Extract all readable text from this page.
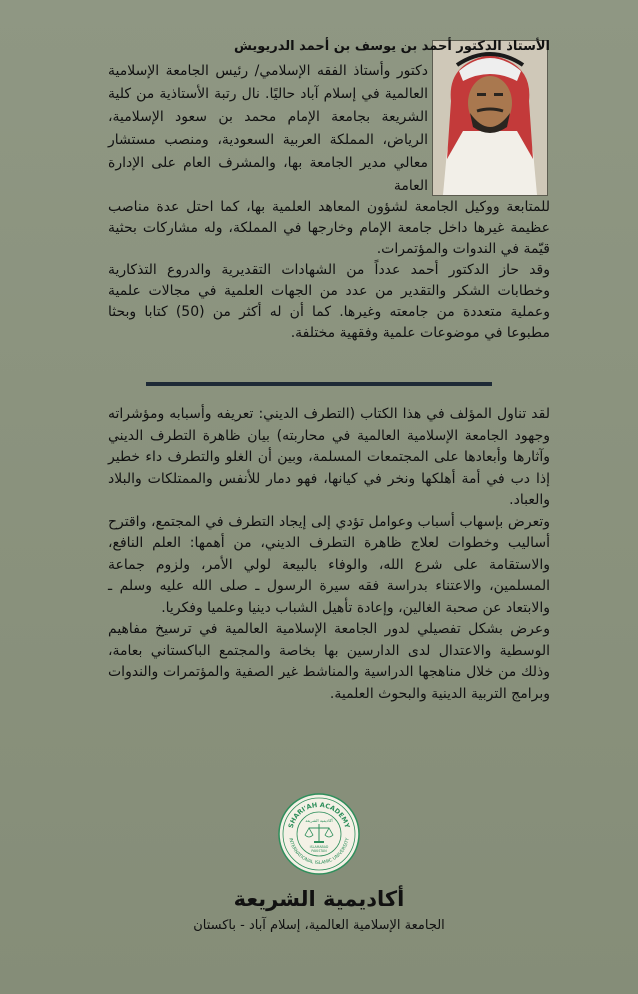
الأستاذ الدكتور أحمد بن يوسف بن أحمد الدريويش
دكتور وأستاذ الفقه الإسلامي/ رئيس الجامعة الإسلامية العالمية في إسلام آباد حاليًا. نال رتبة الأستاذية من كلية الشريعة بجامعة الإمام محمد بن سعود الإسلامية، الرياض، المملكة العربية السعودية، ومنصب مستشار معالي مدير الجامعة بها، والمشرف العام على الإدارة العامة

للمتابعة ووكيل الجامعة لشؤون المعاهد العلمية بها، كما احتل عدة مناصب عظيمة غيرها داخل جامعة الإمام وخارجها في المملكة، وله مشاركات بحثية قيّمة في الندوات والمؤتمرات.

وقد حاز الدكتور أحمد عدداً من الشهادات التقديرية والدروع التذكارية وخطابات الشكر والتقدير من عدد من الجهات العلمية في مجالات علمية وعملية متعددة من جامعته وغيرها. كما أن له أكثر من (50) كتابا وبحثا مطبوعا في موضوعات علمية وفقهية مختلفة.

لقد تناول المؤلف في هذا الكتاب (التطرف الديني: تعريفه وأسبابه ومؤشراته وجهود الجامعة الإسلامية العالمية في محاربته) بيان ظاهرة التطرف الديني وآثارها وأبعادها على المجتمعات المسلمة، وبين أن الغلو والتطرف داء خطير إذا دب في أمة أهلكها ونخر في كيانها، فهو دمار للأنفس والممتلكات والبلاد والعباد.

وتعرض بإسهاب أسباب وعوامل تؤدي إلى إيجاد التطرف في المجتمع، واقترح أساليب وخطوات لعلاج ظاهرة التطرف الديني، من أهمها: العلم النافع، والاستقامة على شرع الله، والوفاء بالبيعة لولي الأمر، ولزوم جماعة المسلمين، والاعتناء بدراسة فقه سيرة الرسول ـ صلى الله عليه وسلم ـ والابتعاد عن صحبة الغالين، وإعادة تأهيل الشباب دينيا وعلميا وفكريا.

وعرض بشكل تفصيلي لدور الجامعة الإسلامية العالمية في ترسيخ مفاهيم الوسطية والاعتدال لدى الدارسين بها بخاصة والمجتمع الباكستاني بعامة، وذلك من خلال مناهجها الدراسية والمناشط غير الصفية والمؤتمرات والندوات وبرامج التربية الدينية والبحوث العلمية.

SHARI'AH ACADEMY
INTERNATIONAL ISLAMIC UNIVERSITY
أكاديمية الشريعة
ISLAMABAD
PAKISTAN
أكاديمية الشريعة
الجامعة الإسلامية العالمية، إسلام آباد - باكستان
